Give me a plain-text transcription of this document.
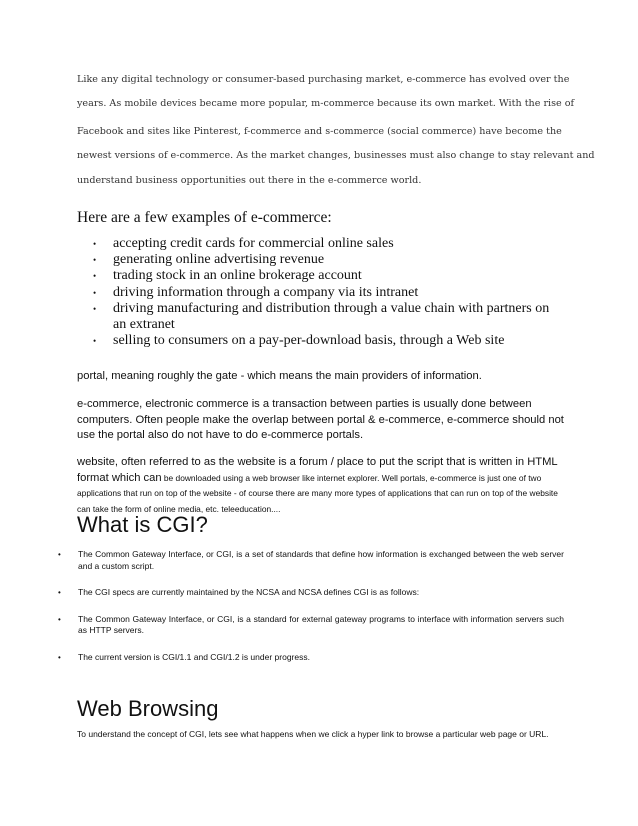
Like any digital technology or consumer-based purchasing market, e-commerce has evolved over the
years. As mobile devices became more popular, m-commerce because its own market. With the rise of
Facebook and sites like Pinterest, f-commerce and s-commerce (social commerce) have become the
newest versions of e-commerce. As the market changes, businesses must also change to stay relevant and
understand business opportunities out there in the e-commerce world.
Here are a few examples of e-commerce:
• accepting credit cards for commercial online sales
• generating online advertising revenue
• trading stock in an online brokerage account
• driving information through a company via its intranet
• driving manufacturing and distribution through a value chain with partners on an extranet
• selling to consumers on a pay-per-download basis, through a Web site
portal, meaning roughly the gate - which means the main providers of information.
e-commerce, electronic commerce is a transaction between parties is usually done between computers. Often people make the overlap between portal & e-commerce, e-commerce should not use the portal also do not have to do e-commerce portals.
website, often referred to as the website is a forum / place to put the script that is written in HTML format which can be downloaded using a web browser like internet explorer. Well portals, e-commerce is just one of two applications that run on top of the website - of course there are many more types of applications that can run on top of the website can take the form of online media, etc. teleeducation....
What is CGI?
• The Common Gateway Interface, or CGI, is a set of standards that define how information is exchanged between the web server and a custom script.
• The CGI specs are currently maintained by the NCSA and NCSA defines CGI is as follows:
• The Common Gateway Interface, or CGI, is a standard for external gateway programs to interface with information servers such as HTTP servers.
• The current version is CGI/1.1 and CGI/1.2 is under progress.
Web Browsing
To understand the concept of CGI, lets see what happens when we click a hyper link to browse a particular web page or URL.
